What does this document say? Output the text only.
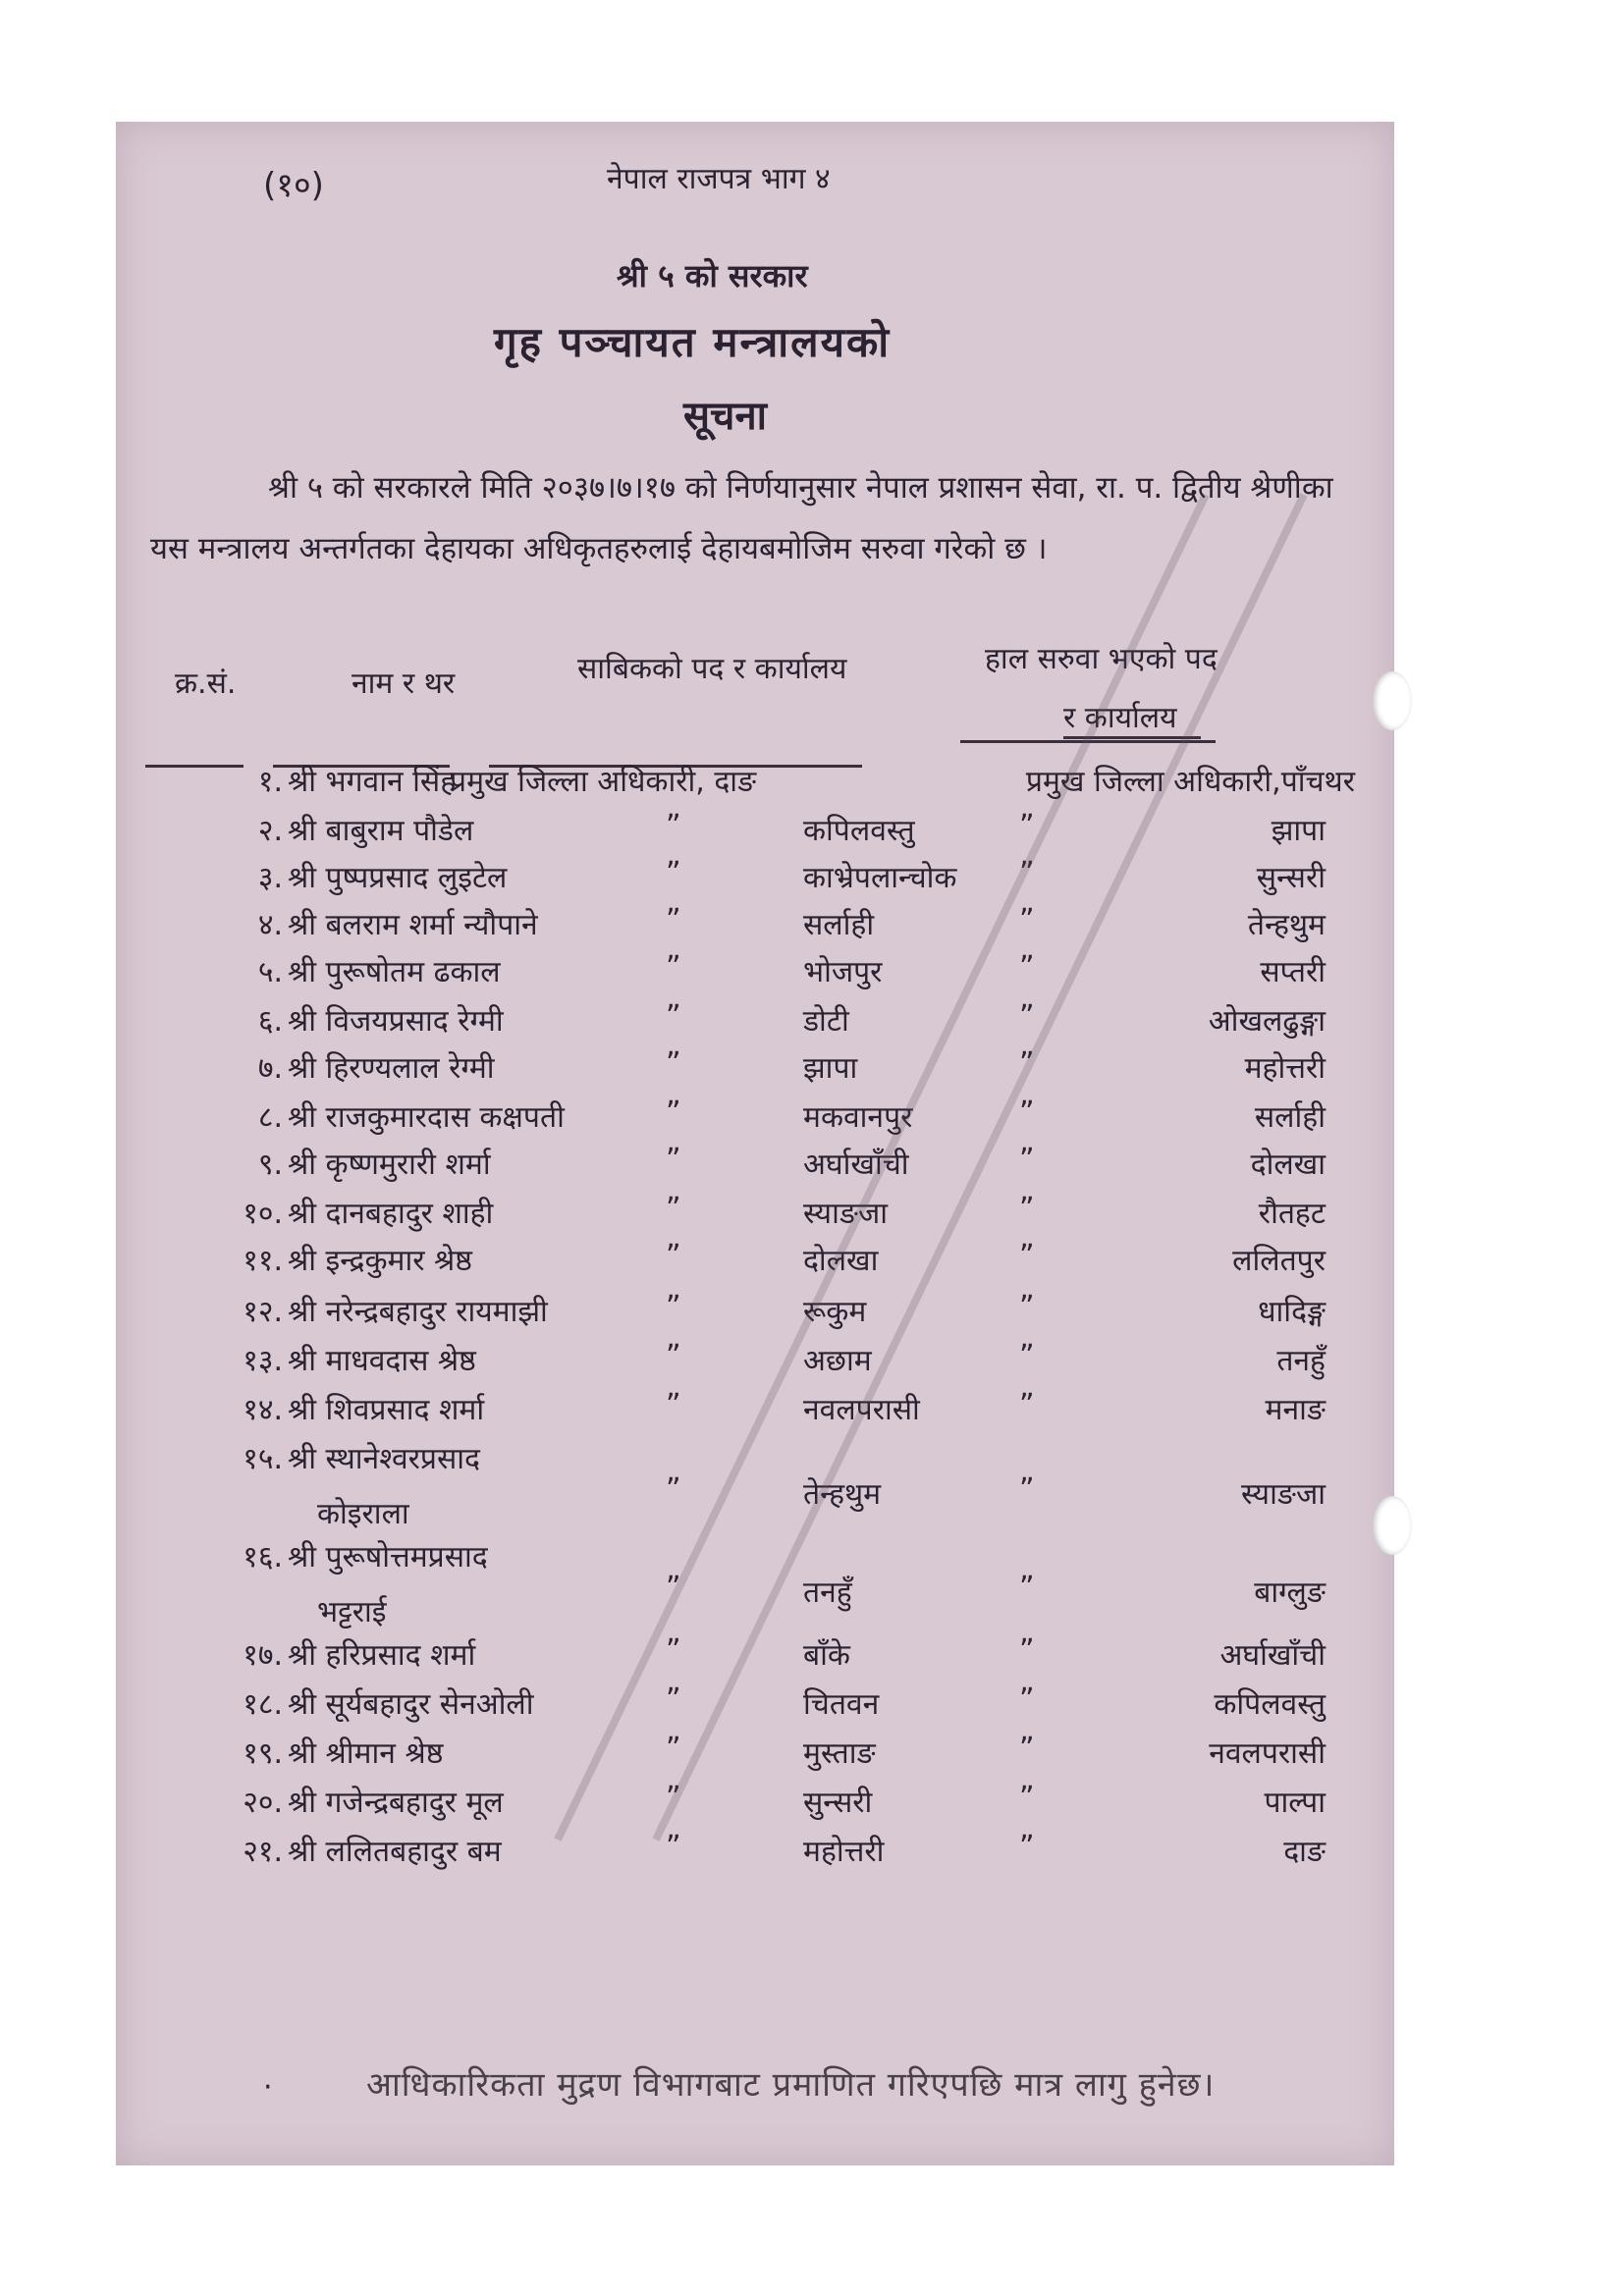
(१०)	नेपाल राजपत्र भाग ४
श्री ५ को सरकार
गृह पञ्चायत मन्त्रालयको
सूचना
श्री ५ को सरकारले मिति २०३७।७।१७ को निर्णयानुसार नेपाल प्रशासन सेवा, रा. प. द्वितीय श्रेणीका यस मन्त्रालय अन्तर्गतका देहायका अधिकृतहरुलाई देहायबमोजिम सरुवा गरेको छ ।
क्र.सं.	नाम र थर	साबिकको पद र कार्यालय	हाल सरुवा भएको पद
र कार्यालय
१. श्री भगवान सिंह
प्रमुख जिल्ला अधिकारी, दाङ	प्रमुख जिल्ला अधिकारी,पाँचथर
२. श्री बाबुराम पौडेल	”	कपिलवस्तु	”	झापा
३. श्री पुष्पप्रसाद लुइटेल	”	काभ्रेपलान्चोक ”	सुन्सरी
४. श्री बलराम शर्मा न्यौपाने	”	सर्लाही	”	तेन्हथुम
५. श्री पुरूषोतम ढकाल	”	भोजपुर	”	सप्तरी
६. श्री विजयप्रसाद रेग्मी	”	डोटी	”	ओखलढुङ्गा
७. श्री हिरण्यलाल रेग्मी	”	झापा	”	महोत्तरी
८. श्री राजकुमारदास कक्षपती	”	मकवानपुर	”	सर्लाही
९. श्री कृष्णमुरारी शर्मा	”	अर्घाखाँची	”	दोलखा
१०. श्री दानबहादुर शाही	”	स्याङजा	”	रौतहट
११. श्री इन्द्रकुमार श्रेष्ठ	”	दोलखा	”	ललितपुर
१२. श्री नरेन्द्रबहादुर रायमाझी	”	रूकुम	”	धादिङ्ग
१३. श्री माधवदास श्रेष्ठ	”	अछाम	”	तनहुँ
१४. श्री शिवप्रसाद शर्मा	”	नवलपरासी	”	मनाङ
१५. श्री स्थानेश्वरप्रसाद
कोइराला
”	तेन्हथुम	”	स्याङजा
१६. श्री पुरूषोत्तमप्रसाद
भट्टराई
”	तनहुँ	”	बाग्लुङ
१७. श्री हरिप्रसाद शर्मा	”	बाँके	”	अर्घाखाँची
१८. श्री सूर्यबहादुर सेनओली	”	चितवन	”	कपिलवस्तु
१९. श्री श्रीमान श्रेष्ठ	”	मुस्ताङ	”	नवलपरासी
२०. श्री गजेन्द्रबहादुर मूल	”	सुन्सरी	”	पाल्पा
२१. श्री ललितबहादुर बम	”	महोत्तरी	”	दाङ
·	आधिकारिकता मुद्रण विभागबाट प्रमाणित गरिएपछि मात्र लागु हुनेछ।
